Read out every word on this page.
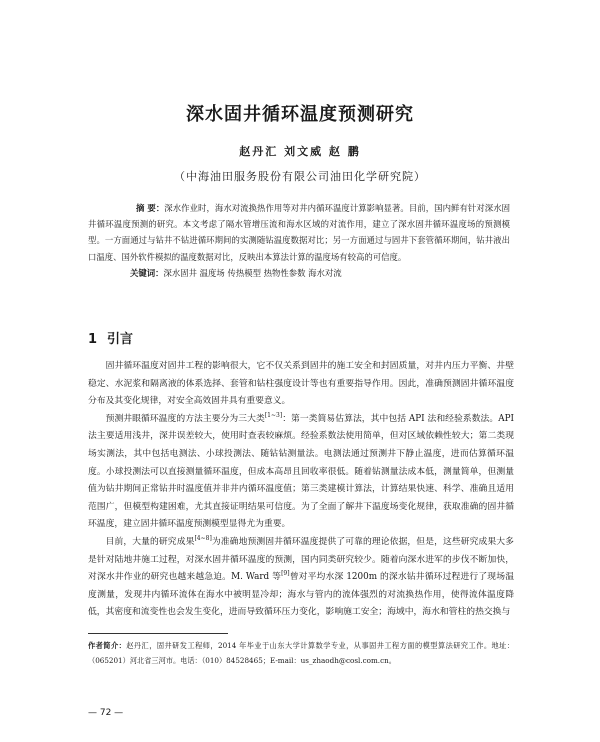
深水固井循环温度预测研究
赵丹汇 刘文威 赵 鹏
（中海油田服务股份有限公司油田化学研究院）
摘 要：深水作业时，海水对流换热作用等对井内循环温度计算影响显著。目前，国内鲜有针对深水固井循环温度预测的研究。本文考虑了隔水管增压流和海水区域的对流作用，建立了深水固井循环温度场的预测模型。一方面通过与钻井不钻进循环期间的实测随钻温度数据对比；另一方面通过与固井下套管循环期间，钻井液出口温度、国外软件模拟的温度数据对比，反映出本算法计算的温度场有较高的可信度。
关键词：深水固井 温度场 传热模型 热物性参数 海水对流
1 引言

固井循环温度对固井工程的影响很大，它不仅关系到固井的施工安全和封固质量，对井内压力平衡、井壁稳定、水泥浆和隔离液的体系选择、套管和钻柱强度设计等也有重要指导作用。因此，准确预测固井循环温度分布及其变化规律，对安全高效固井具有重要意义。

预测井眼循环温度的方法主要分为三大类[1~3]：第一类简易估算法，其中包括 API 法和经验系数法。API 法主要适用浅井，深井误差较大，使用时查表较麻烦。经验系数法使用简单，但对区域依赖性较大；第二类现场实测法，其中包括电测法、小球投测法、随钻钻测量法。电测法通过预测井下静止温度，进而估算循环温度。小球投测法可以直接测量循环温度，但成本高昂且回收率很低。随着钻测量法成本低，测量简单，但测量值为钻井期间正常钻井时温度值并非井内循环温度值；第三类建模计算法，计算结果快速、科学、准确且适用范围广，但模型构建困难，尤其直接证明结果可信度。为了全面了解井下温度场变化规律，获取准确的固井循环温度，建立固井循环温度预测模型显得尤为重要。

目前，大量的研究成果[4~8]为准确地预测固井循环温度提供了可靠的理论依据，但是，这些研究成果大多是针对陆地井施工过程，对深水固井循环温度的预测，国内同类研究较少。随着向深水进军的步伐不断加快，对深水井作业的研究也越来越急迫。M. Ward 等[9]曾对平均水深 1200m 的深水钻井循环过程进行了现场温度测量，发现井内循环流体在海水中被明显冷却；海水与管内的流体强烈的对流换热作用，使得流体温度降低，其密度和流变性也会发生变化，进而导致循环压力变化，影响施工安全；海域中，海水和管柱的热交换与

作者简介：赵丹汇，固井研发工程师，2014 年毕业于山东大学计算数学专业，从事固井工程方面的模型算法研究工作。地址：（065201）河北省三河市。电话：（010）84528465；E-mail：us_zhaodh@cosl.com.cn。
— 72 —
